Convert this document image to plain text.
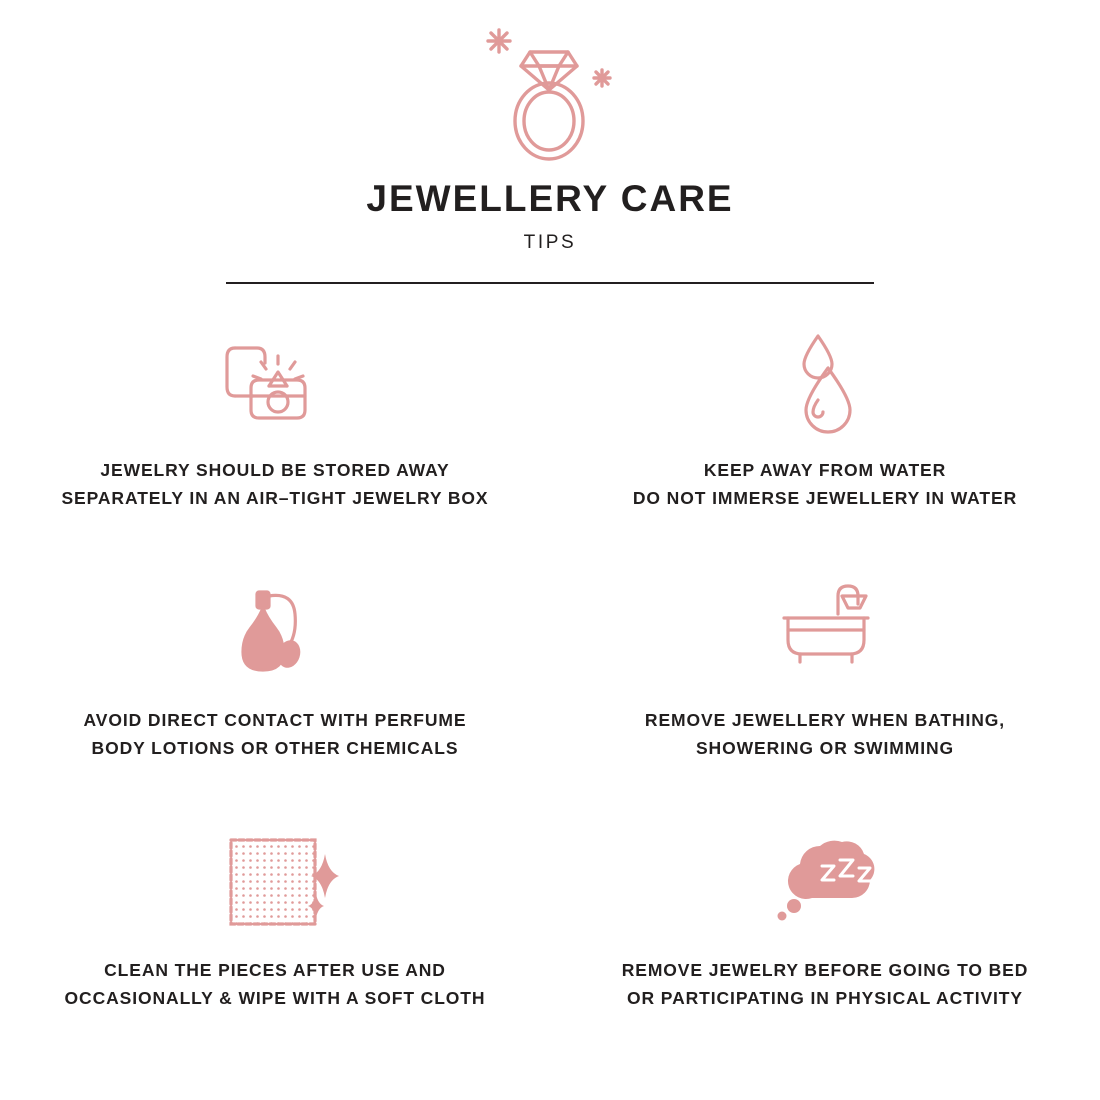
JEWELLERY CARE
TIPS
JEWELRY SHOULD BE STORED AWAY
SEPARATELY IN AN AIR–TIGHT JEWELRY BOX
KEEP AWAY FROM WATER
DO NOT IMMERSE JEWELLERY IN WATER
AVOID DIRECT CONTACT WITH PERFUME
BODY LOTIONS OR OTHER CHEMICALS
REMOVE JEWELLERY WHEN BATHING,
SHOWERING OR SWIMMING
CLEAN THE PIECES AFTER USE AND
OCCASIONALLY & WIPE WITH A SOFT CLOTH
REMOVE JEWELRY BEFORE GOING TO BED
OR PARTICIPATING IN PHYSICAL ACTIVITY
